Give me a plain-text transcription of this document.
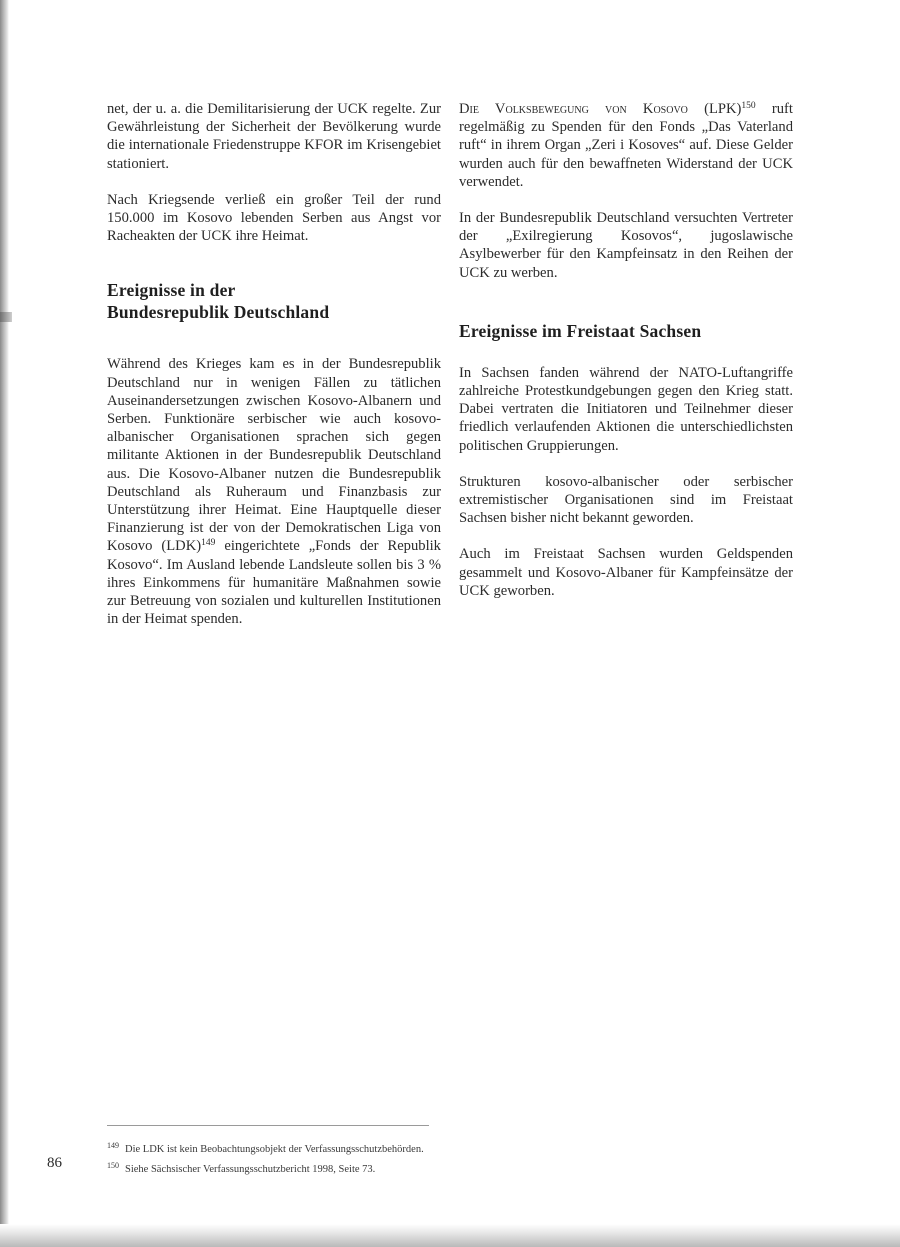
net, der u. a. die Demilitarisierung der UCK regelte. Zur Gewährleistung der Sicherheit der Bevölkerung wurde die internationale Friedenstruppe KFOR im Krisengebiet stationiert.

Nach Kriegsende verließ ein großer Teil der rund 150.000 im Kosovo lebenden Serben aus Angst vor Racheakten der UCK ihre Heimat.

Ereignisse in der
Bundesrepublik Deutschland

Während des Krieges kam es in der Bundesrepublik Deutschland nur in wenigen Fällen zu tätlichen Auseinandersetzungen zwischen Kosovo-Albanern und Serben. Funktionäre serbischer wie auch kosovo-albanischer Organisationen sprachen sich gegen militante Aktionen in der Bundesrepublik Deutschland aus. Die Kosovo-Albaner nutzen die Bundesrepublik Deutschland als Ruheraum und Finanzbasis zur Unterstützung ihrer Heimat. Eine Hauptquelle dieser Finanzierung ist der von der Demokratischen Liga von Kosovo (LDK)$^{149}$ eingerichtete „Fonds der Republik Kosovo“. Im Ausland lebende Landsleute sollen bis 3 % ihres Einkommens für humanitäre Maßnahmen sowie zur Betreuung von sozialen und kulturellen Institutionen in der Heimat spenden.

Die Volksbewegung von Kosovo (LPK)$^{150}$ ruft regelmäßig zu Spenden für den Fonds „Das Vaterland ruft“ in ihrem Organ „Zeri i Kosoves“ auf. Diese Gelder wurden auch für den bewaffneten Widerstand der UCK verwendet.

In der Bundesrepublik Deutschland versuchten Vertreter der „Exilregierung Kosovos“, jugoslawische Asylbewerber für den Kampfeinsatz in den Reihen der UCK zu werben.

Ereignisse im Freistaat Sachsen

In Sachsen fanden während der NATO-Luftangriffe zahlreiche Protestkundgebungen gegen den Krieg statt. Dabei vertraten die Initiatoren und Teilnehmer dieser friedlich verlaufenden Aktionen die unterschiedlichsten politischen Gruppierungen.

Strukturen kosovo-albanischer oder serbischer extremistischer Organisationen sind im Freistaat Sachsen bisher nicht bekannt geworden.

Auch im Freistaat Sachsen wurden Geldspenden gesammelt und Kosovo-Albaner für Kampfeinsätze der UCK geworben.

$^{149}$ Die LDK ist kein Beobachtungsobjekt der Verfassungsschutzbehörden.
$^{150}$ Siehe Sächsischer Verfassungsschutzbericht 1998, Seite 73.
86
